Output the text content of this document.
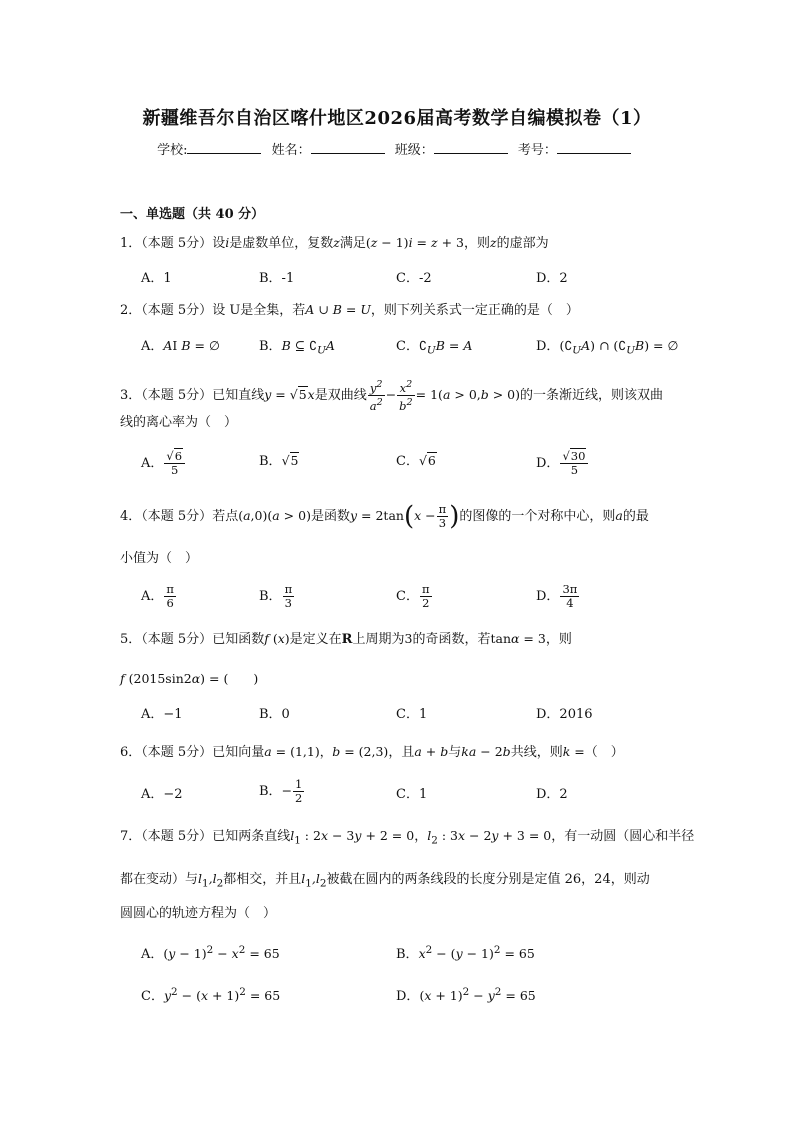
新疆维吾尔自治区喀什地区2026届高考数学自编模拟卷（1）
学校:	姓名：	班级：	考号：
一、单选题（共 40 分）
1．（本题 5分）设i是虚数单位，复数z满足(z − 1)i = z + 3，则z的虚部为
A．1	B．-1	C．-2	D．2
2．（本题 5分）设 U是全集，若A ∪ B = U，则下列关系式一定正确的是（　）
A．AI B = ∅	B．B ⊆ $∁_UA$	C．$∁_UB = A$	D．$(∁_UA)$ ∩ $(∁_UB)$ = ∅
3．（本题 5分）已知直线y = √5x是双曲线 $\frac{y^2}{a^2} - \frac{x^2}{b^2} = 1(a > 0,b > 0)$的一条渐近线，则该双曲
线的离心率为（　）
A． $\frac{√6}{5}$	B．√5	C．√6	D． $\frac{√30}{5}$
4．（本题 5分）若点(a,0)(a > 0)是函数$y = 2\tan(x - \frac{\pi}{3}$ )的图像的一个对称中心，则a的最
小值为（　）
A． $\frac{\pi}{6}$	B． $\frac{\pi}{3}$	C． $\frac{\pi}{2}$	D． $\frac{3\pi}{4}$
5．（本题 5分）已知函数f (x)是定义在R上周期为3的奇函数，若tanα = 3，则
f (2015sin2α) = (　　)
A．−1	B．0	C．1	D．2016
6．（本题 5分）已知向量a = (1,1)，b = (2,3)，且a + b与ka − 2b共线，则k =（　）
A．−2	B．− $\frac{1}{2}$	C．1	D．2
7．（本题 5分）已知两条直线$l_1$ : 2x − 3y + 2 = 0，$l_2$ : 3x − 2y + 3 = 0，有一动圆（圆心和半径
都在变动）与$l_1,l_2$都相交，并且$l_1,l_2$被截在圆内的两条线段的长度分别是定值 26，24，则动
圆圆心的轨迹方程为（　）
A．$(y - 1)^2 - x^2 = 65$	B．$x^2 - (y - 1)^2 = 65$
C．$y^2 - (x + 1)^2 = 65$	D．$(x + 1)^2 - y^2 = 65$
